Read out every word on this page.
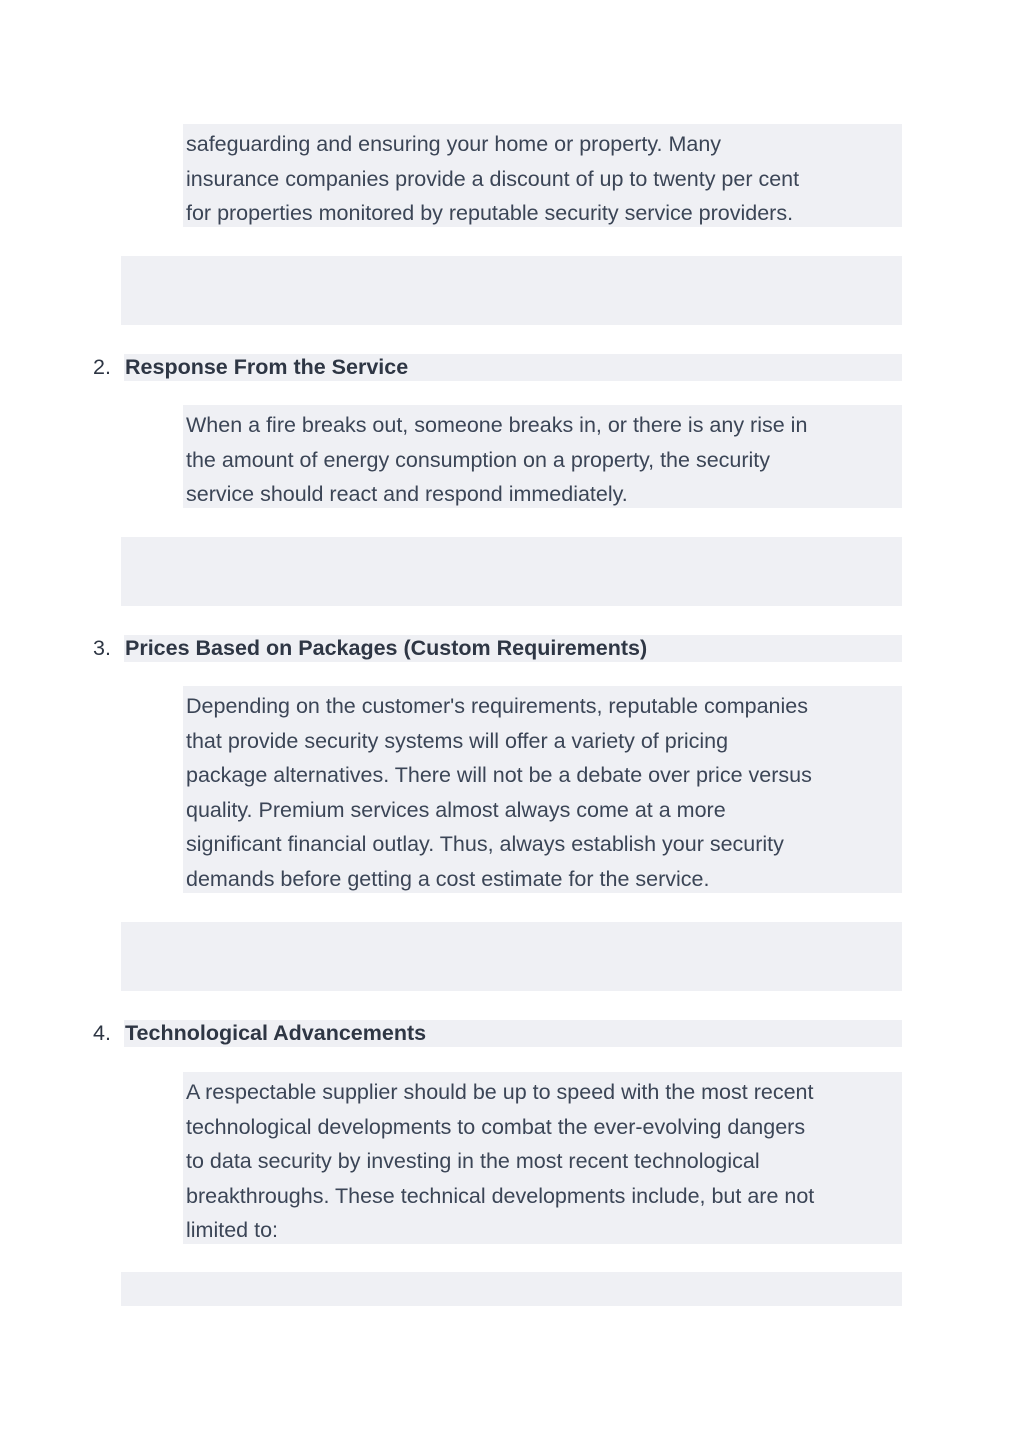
safeguarding and ensuring your home or property. Many
insurance companies provide a discount of up to twenty per cent
for properties monitored by reputable security service providers.
2. Response From the Service
When a fire breaks out, someone breaks in, or there is any rise in
the amount of energy consumption on a property, the security
service should react and respond immediately.
3. Prices Based on Packages (Custom Requirements)
Depending on the customer's requirements, reputable companies
that provide security systems will offer a variety of pricing
package alternatives. There will not be a debate over price versus
quality. Premium services almost always come at a more
significant financial outlay. Thus, always establish your security
demands before getting a cost estimate for the service.
4. Technological Advancements
A respectable supplier should be up to speed with the most recent
technological developments to combat the ever-evolving dangers
to data security by investing in the most recent technological
breakthroughs. These technical developments include, but are not
limited to:
